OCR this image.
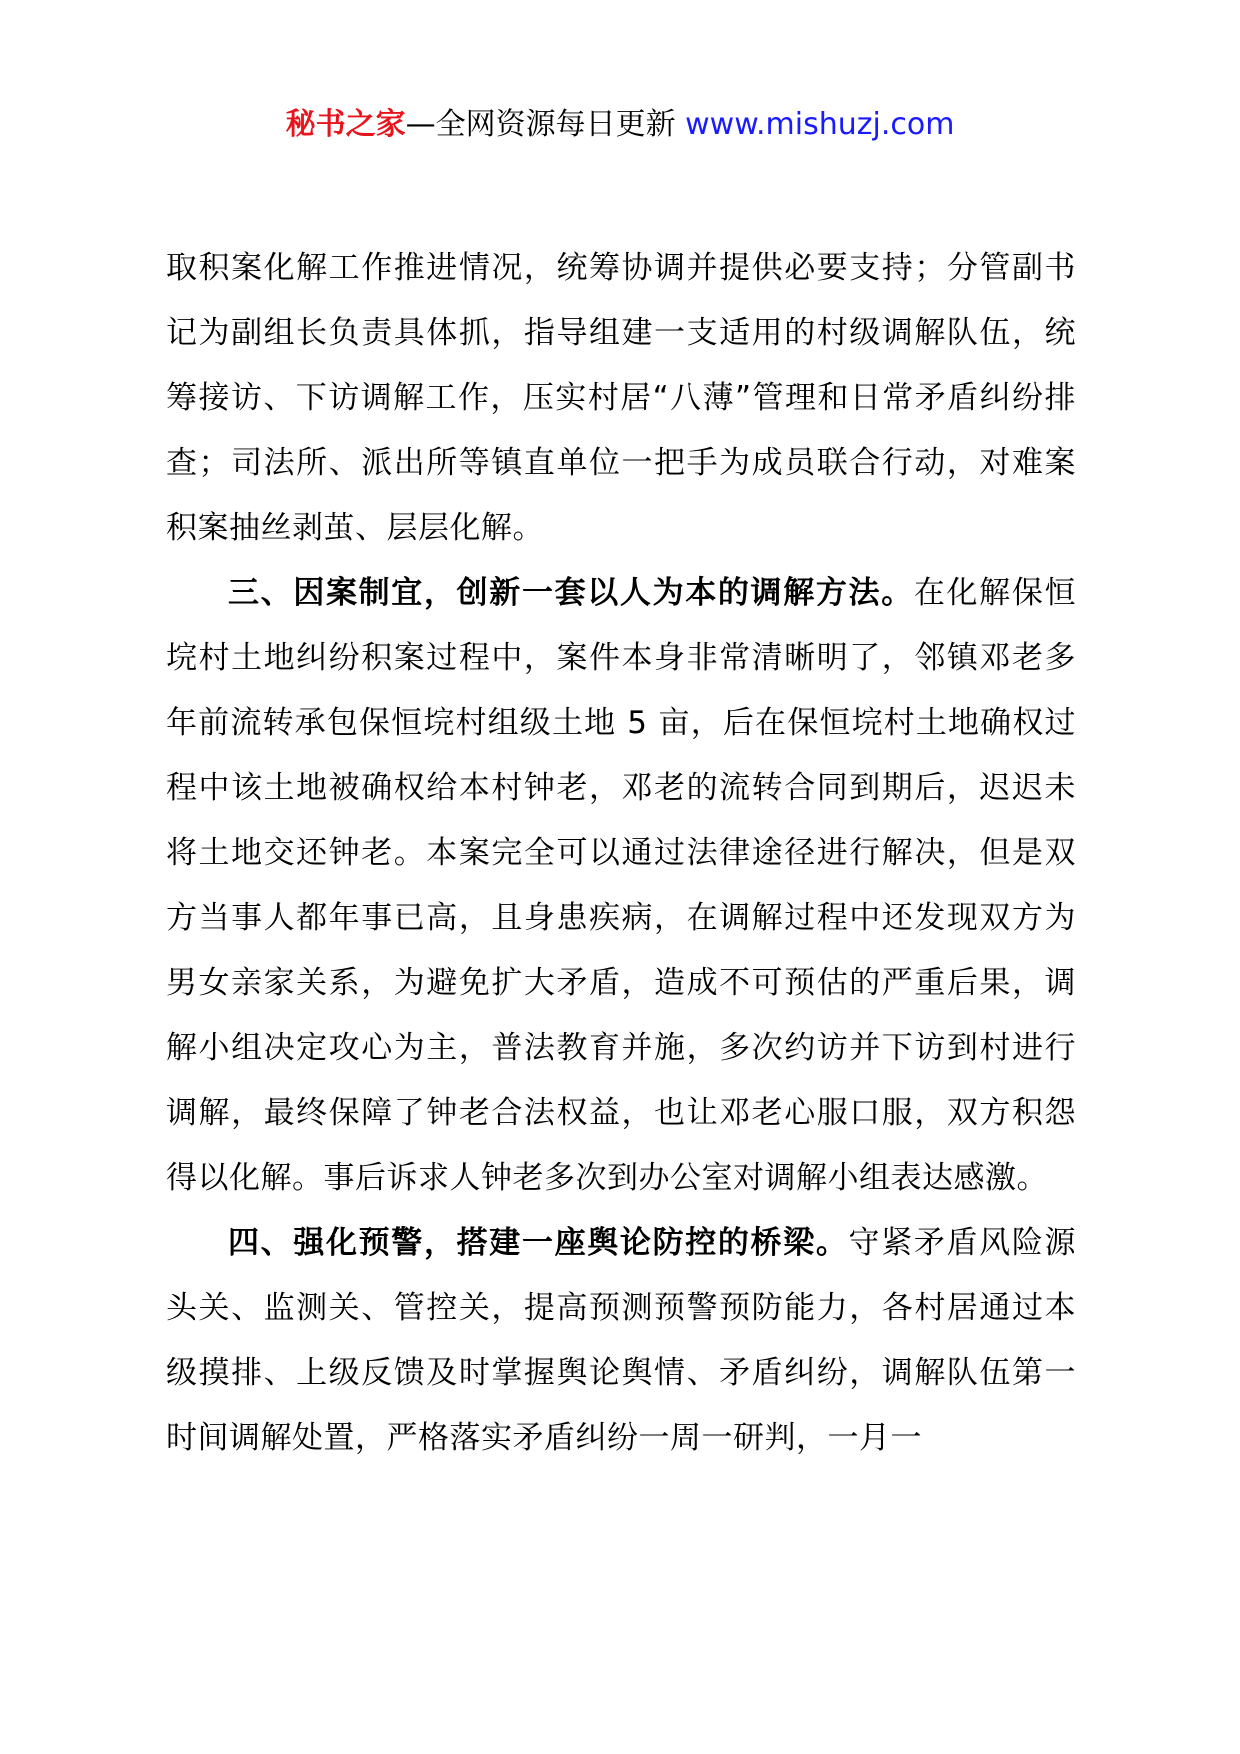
秘书之家—全网资源每日更新 www.mishuzj.com

取积案化解工作推进情况，统筹协调并提供必要支持；分管副书记为副组长负责具体抓，指导组建一支适用的村级调解队伍，统筹接访、下访调解工作，压实村居“八薄”管理和日常矛盾纠纷排查；司法所、派出所等镇直单位一把手为成员联合行动，对难案积案抽丝剥茧、层层化解。

三、因案制宜，创新一套以人为本的调解方法。在化解保恒垸村土地纠纷积案过程中，案件本身非常清晰明了，邻镇邓老多年前流转承包保恒垸村组级土地 5 亩，后在保恒垸村土地确权过程中该土地被确权给本村钟老，邓老的流转合同到期后，迟迟未将土地交还钟老。本案完全可以通过法律途径进行解决，但是双方当事人都年事已高，且身患疾病，在调解过程中还发现双方为男女亲家关系，为避免扩大矛盾，造成不可预估的严重后果，调解小组决定攻心为主，普法教育并施，多次约访并下访到村进行调解，最终保障了钟老合法权益，也让邓老心服口服，双方积怨得以化解。事后诉求人钟老多次到办公室对调解小组表达感激。

四、强化预警，搭建一座舆论防控的桥梁。守紧矛盾风险源头关、监测关、管控关，提高预测预警预防能力，各村居通过本级摸排、上级反馈及时掌握舆论舆情、矛盾纠纷，调解队伍第一时间调解处置，严格落实矛盾纠纷一周一研判，一月一
